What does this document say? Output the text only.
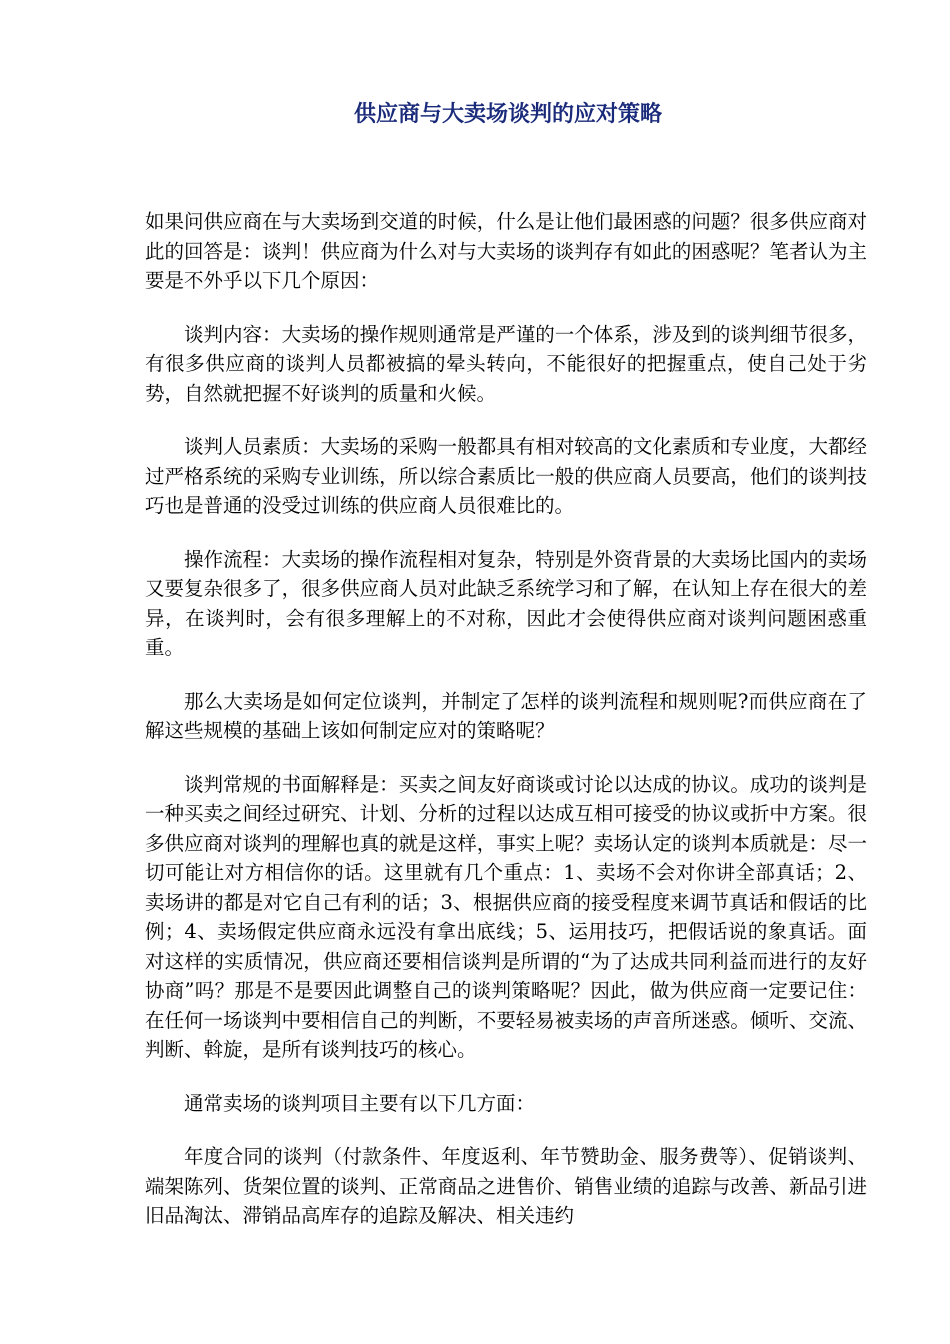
供应商与大卖场谈判的应对策略

如果问供应商在与大卖场到交道的时候，什么是让他们最困惑的问题？很多供应商对此的回答是：谈判！供应商为什么对与大卖场的谈判存有如此的困惑呢？笔者认为主要是不外乎以下几个原因：

谈判内容：大卖场的操作规则通常是严谨的一个体系，涉及到的谈判细节很多，有很多供应商的谈判人员都被搞的晕头转向，不能很好的把握重点，使自己处于劣势，自然就把握不好谈判的质量和火候。

谈判人员素质：大卖场的采购一般都具有相对较高的文化素质和专业度，大都经过严格系统的采购专业训练，所以综合素质比一般的供应商人员要高，他们的谈判技巧也是普通的没受过训练的供应商人员很难比的。

操作流程：大卖场的操作流程相对复杂，特别是外资背景的大卖场比国内的卖场又要复杂很多了，很多供应商人员对此缺乏系统学习和了解，在认知上存在很大的差异，在谈判时，会有很多理解上的不对称，因此才会使得供应商对谈判问题困惑重重。

那么大卖场是如何定位谈判，并制定了怎样的谈判流程和规则呢?而供应商在了解这些规模的基础上该如何制定应对的策略呢？

谈判常规的书面解释是：买卖之间友好商谈或讨论以达成的协议。成功的谈判是一种买卖之间经过研究、计划、分析的过程以达成互相可接受的协议或折中方案。很多供应商对谈判的理解也真的就是这样，事实上呢？卖场认定的谈判本质就是：尽一切可能让对方相信你的话。这里就有几个重点：1、卖场不会对你讲全部真话；2、卖场讲的都是对它自己有利的话；3、根据供应商的接受程度来调节真话和假话的比例；4、卖场假定供应商永远没有拿出底线；5、运用技巧，把假话说的象真话。面对这样的实质情况，供应商还要相信谈判是所谓的“为了达成共同利益而进行的友好协商”吗？那是不是要因此调整自己的谈判策略呢？因此，做为供应商一定要记住：在任何一场谈判中要相信自己的判断，不要轻易被卖场的声音所迷惑。倾听、交流、判断、斡旋，是所有谈判技巧的核心。

通常卖场的谈判项目主要有以下几方面：

年度合同的谈判（付款条件、年度返利、年节赞助金、服务费等）、促销谈判、端架陈列、货架位置的谈判、正常商品之进售价、销售业绩的追踪与改善、新品引进旧品淘汰、滞销品高库存的追踪及解决、相关违约
